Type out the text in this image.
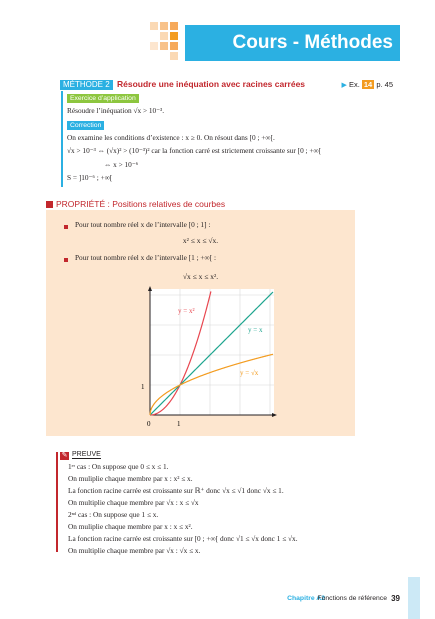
Cours - Méthodes
MÉTHODE 2 Résoudre une inéquation avec racines carrées	▶ Ex. 14 p. 45
Exercice d’application
Résoudre l’inéquation √x > 10⁻³.
Correction
On examine les conditions d’existence : x ≥ 0. On résout dans [0 ; +∞[.
√x > 10⁻³ ⇔ (√x)² > (10⁻³)² car la fonction carré est strictement croissante sur [0 ; +∞[
⇔ x > 10⁻⁶
S = ]10⁻⁶ ; +∞[
PROPRIÉTÉ : Positions relatives de courbes
Pour tout nombre réel x de l’intervalle [0 ; 1] :
x² ≤ x ≤ √x.
Pour tout nombre réel x de l’intervalle [1 ; +∞[ :
√x ≤ x ≤ x².
y = x²
y = x
y = √x
0	1
1
✎ PREUVE
1ᵉʳ cas : On suppose que 0 ≤ x ≤ 1.
On muliplie chaque membre par x : x² ≤ x.
La fonction racine carrée est croissante sur ℝ⁺ donc √x ≤ √1 donc √x ≤ 1.
On multiplie chaque membre par √x : x ≤ √x
2ⁿᵈ cas : On suppose que 1 ≤ x.
On muliplie chaque membre par x : x ≤ x².
La fonction racine carrée est croissante sur [0 ; +∞[ donc √1 ≤ √x donc 1 ≤ √x.
On multiplie chaque membre par √x : √x ≤ x.
Chapitre A2
Fonctions de référence 39
